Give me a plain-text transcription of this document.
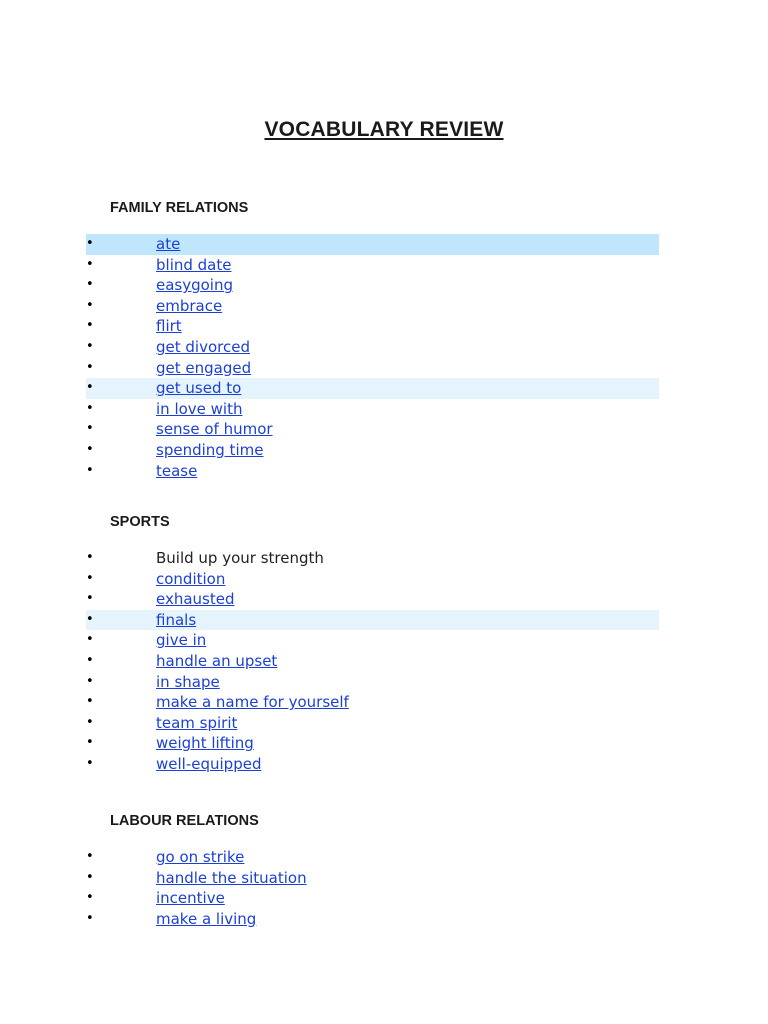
VOCABULARY REVIEW
FAMILY RELATIONS
•	ate
•	blind date
•	easygoing
•	embrace
•	flirt
•	get divorced
•	get engaged
•	get used to
•	in love with
•	sense of humor
•	spending time
•	tease
SPORTS
•	Build up your strength
•	condition
•	exhausted
•	finals
•	give in
•	handle an upset
•	in shape
•	make a name for yourself
•	team spirit
•	weight lifting
•	well-equipped
LABOUR RELATIONS
•	go on strike
•	handle the situation
•	incentive
•	make a living
